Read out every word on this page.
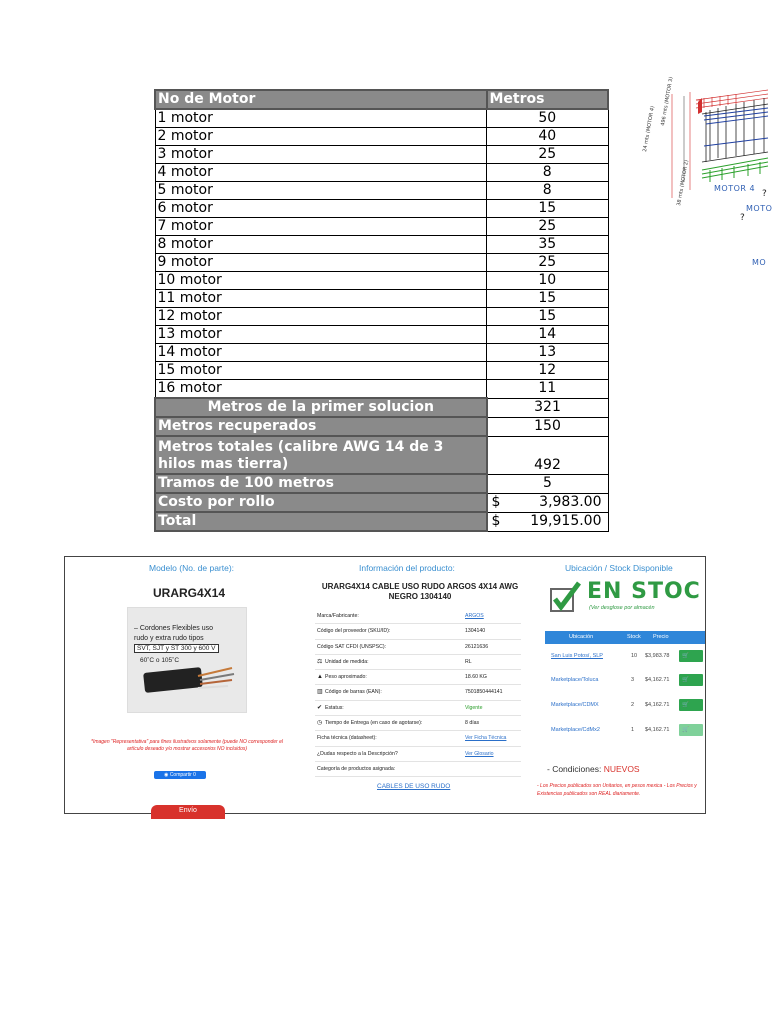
No de Motor	Metros
1 motor	50
2 motor	40
3 motor	25
4 motor	8
5 motor	8
6 motor	15
7 motor	25
8 motor	35
9 motor	25
10 motor	10
11 motor	15
12 motor	15
13 motor	14
14 motor	13
15 motor	12
16 motor	11
Metros de la primer solucion	321
Metros recuperados	150
Metros totales (calibre AWG 14 de 3 hilos mas tierra)	492
Tramos de 100 metros	5
Costo por rollo	$ 3,983.00

Total	$ 19,915.00
24 mts (MOTOR 4)
496 mts (MOTOR 3)
38 mts (MOTOR 2)
?
?
MOTOR 4
MOTO
MO
Modelo (No. de parte):	Información del producto:	Ubicación / Stock Disponible
URARG4X14
– Cordones Flexibles uso
rudo y extra rudo tipos
SVT, SJT y ST 300 y 600 V
60˚C o 105˚C
*Imagen "Representativa" para fines ilustrativos solamente (puede NO corresponder el artículo deseado y/o mostrar accesorios NO incluidos)
◉ Compartir 0
Envío
URARG4X14 CABLE USO RUDO ARGOS 4X14 AWG NEGRO 1304140
Marca/Fabricante:	ARGOS
Código del proveedor (SKU/ID):	1304140
Código SAT CFDI (UNSPSC):	26121636
⚖ Unidad de medida:	RL
▲ Peso aproximado:	18.60 KG
▥ Código de barras (EAN):	7501850444141
✔ Estatus:	Vigente
◷ Tiempo de Entrega (en caso de agotarse):	8 días
Ficha técnica (datasheet):	Ver Ficha Técnica
¿Dudas respecto a la Descripción?	Ver Glosario
Categoría de productos asignada:
CABLES DE USO RUDO
EN STOC
(Ver desglose por almacén
Ubicación	Stock Precio
San Luis Potosí, SLP	10 $3,983.78 🛒
Marketplace/Toluca	3 $4,162.71 🛒
Marketplace/CDMX	2 $4,162.71 🛒
Marketplace/CdMx2	1 $4,162.71 🛒
- Condiciones: NUEVOS
- Los Precios publicados son Unitarios, en pesos mexica - Los Precios y Existencias publicados son REAL diariamente.
